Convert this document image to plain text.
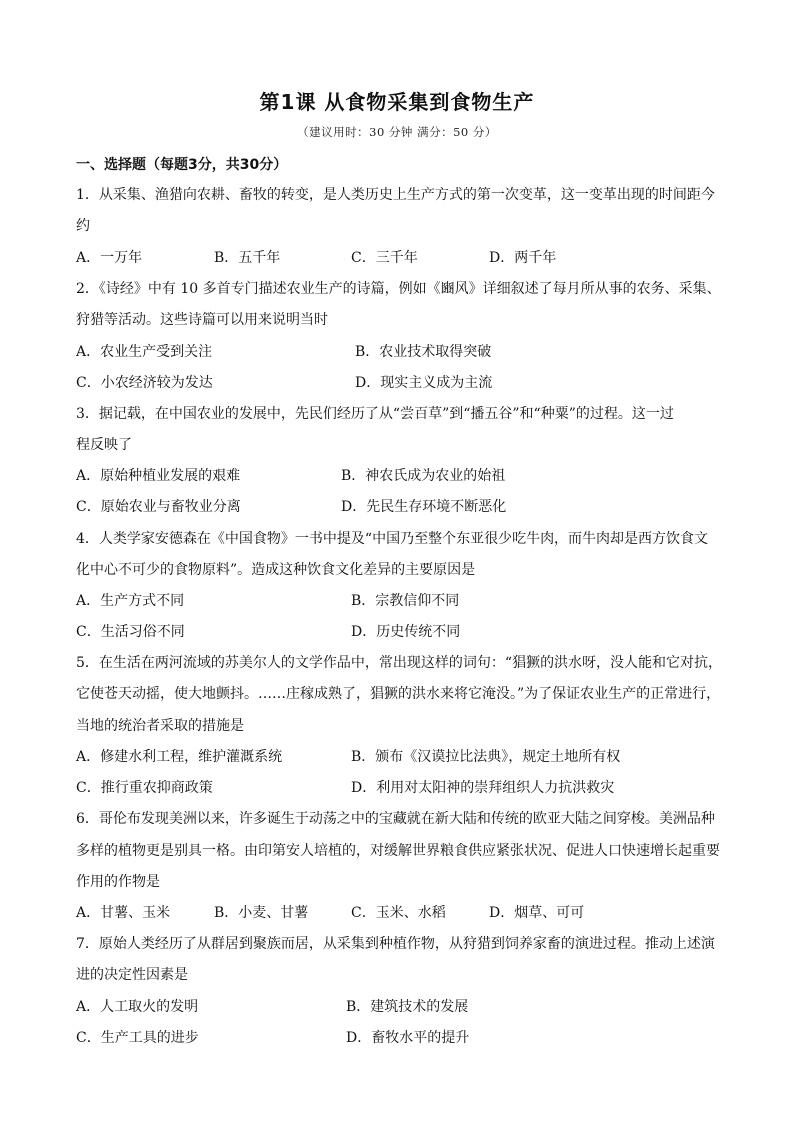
第1课 从食物采集到食物生产
（建议用时：30 分钟 满分：50 分）
一、选择题（每题3分，共30分）
1．从采集、渔猎向农耕、畜牧的转变，是人类历史上生产方式的第一次变革，这一变革出现的时间距今
约
A．一万年	B．五千年	C．三千年	D．两千年
2．《诗经》中有 10 多首专门描述农业生产的诗篇，例如《豳风》详细叙述了每月所从事的农务、采集、
狩猎等活动。这些诗篇可以用来说明当时
A．农业生产受到关注	B．农业技术取得突破
C．小农经济较为发达	D．现实主义成为主流
3．据记载，在中国农业的发展中，先民们经历了从“尝百草”到“播五谷”和“种粟”的过程。这一过
程反映了
A．原始种植业发展的艰难	B．神农氏成为农业的始祖
C．原始农业与畜牧业分离	D．先民生存环境不断恶化
4．人类学家安德森在《中国食物》一书中提及“中国乃至整个东亚很少吃牛肉，而牛肉却是西方饮食文
化中心不可少的食物原料”。造成这种饮食文化差异的主要原因是
A．生产方式不同	B．宗教信仰不同
C．生活习俗不同	D．历史传统不同
5．在生活在两河流域的苏美尔人的文学作品中，常出现这样的词句：“猖獗的洪水呀，没人能和它对抗，
它使苍天动摇，使大地颤抖。……庄稼成熟了，猖獗的洪水来将它淹没。”为了保证农业生产的正常进行，
当地的统治者采取的措施是
A．修建水利工程，维护灌溉系统	B．颁布《汉谟拉比法典》，规定土地所有权
C．推行重农抑商政策	D．利用对太阳神的崇拜组织人力抗洪救灾
6．哥伦布发现美洲以来，许多诞生于动荡之中的宝藏就在新大陆和传统的欧亚大陆之间穿梭。美洲品种
多样的植物更是别具一格。由印第安人培植的，对缓解世界粮食供应紧张状况、促进人口快速增长起重要
作用的作物是
A．甘薯、玉米	B．小麦、甘薯	C．玉米、水稻	D．烟草、可可
7．原始人类经历了从群居到聚族而居，从采集到种植作物，从狩猎到饲养家畜的演进过程。推动上述演
进的决定性因素是
A．人工取火的发明	B．建筑技术的发展
C．生产工具的进步	D．畜牧水平的提升
